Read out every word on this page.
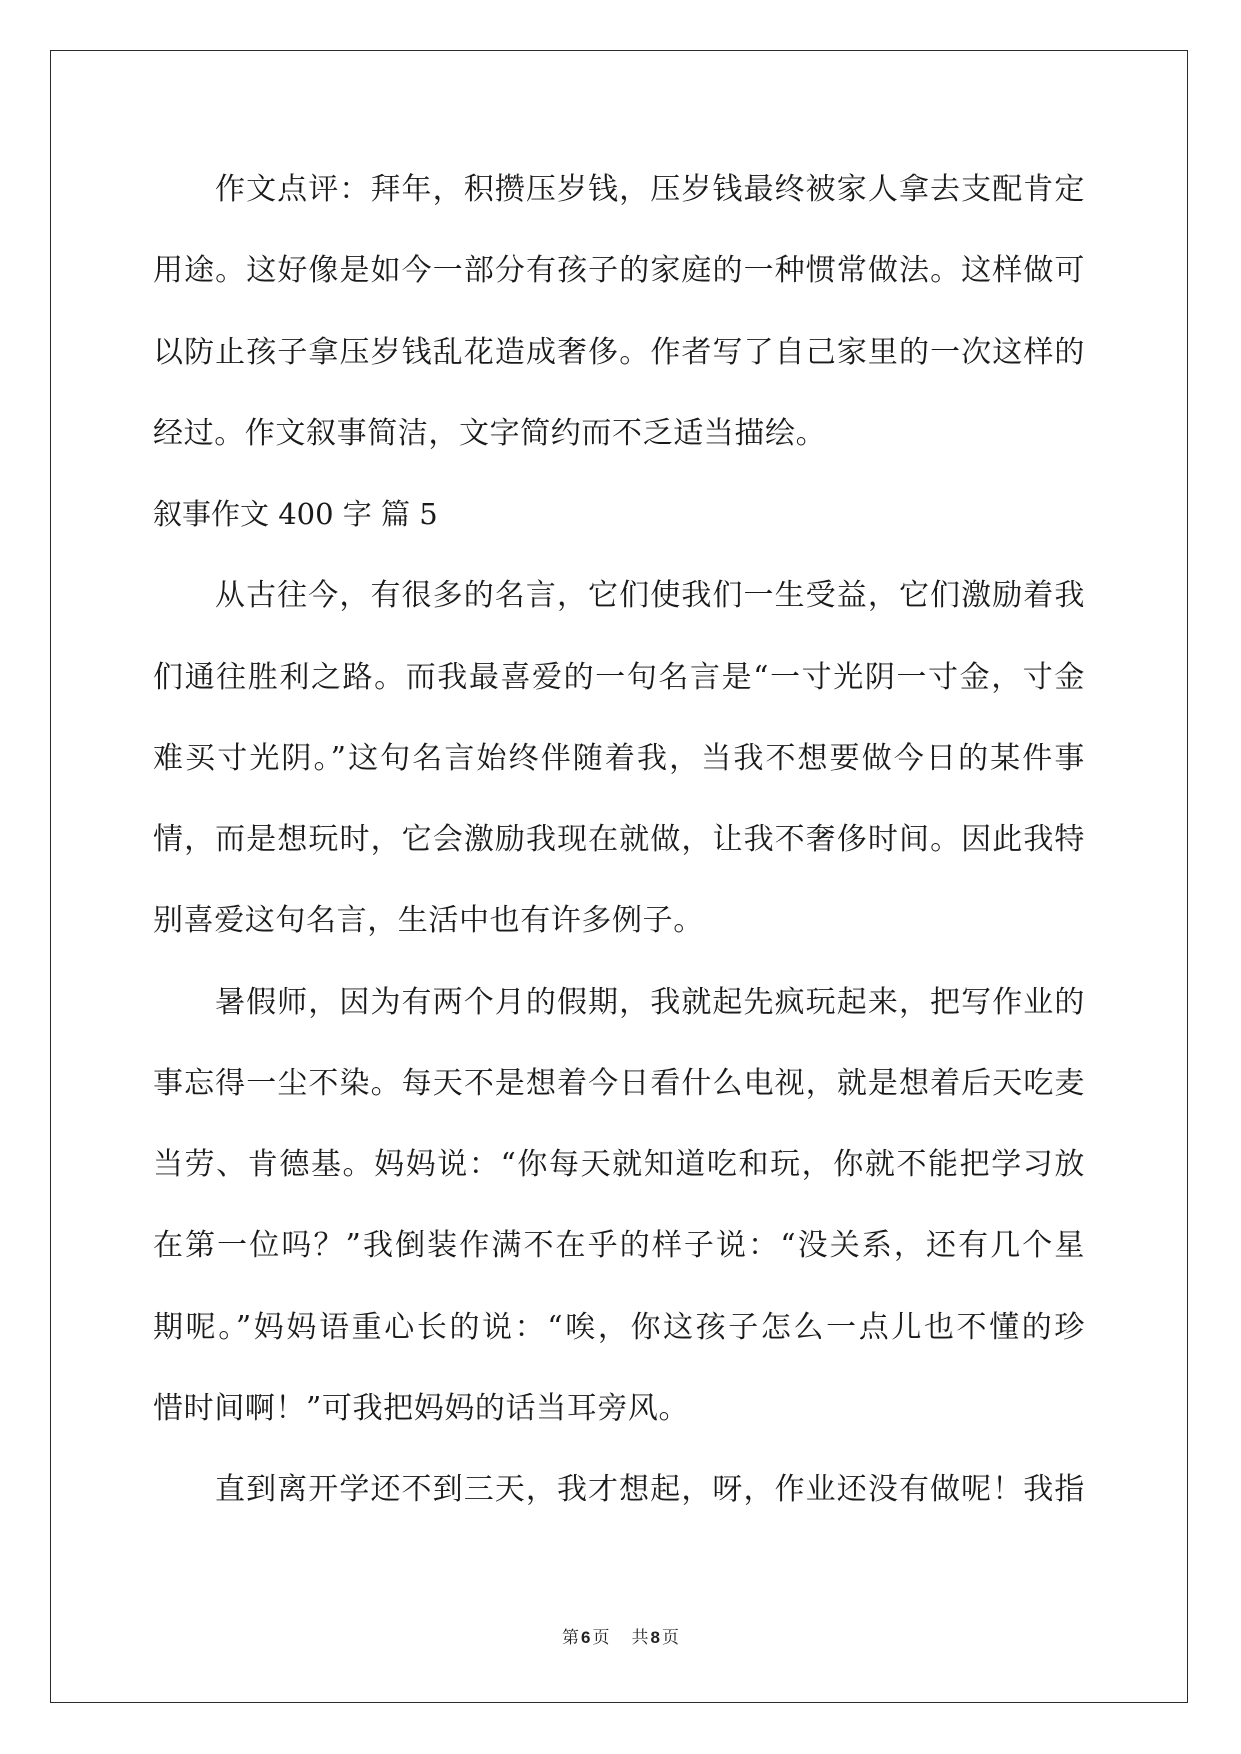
作文点评：拜年，积攒压岁钱，压岁钱最终被家人拿去支配肯定
用途。这好像是如今一部分有孩子的家庭的一种惯常做法。这样做可
以防止孩子拿压岁钱乱花造成奢侈。作者写了自己家里的一次这样的
经过。作文叙事简洁，文字简约而不乏适当描绘。
叙事作文 400 字 篇 5
从古往今，有很多的名言，它们使我们一生受益，它们激励着我
们通往胜利之路。而我最喜爱的一句名言是“一寸光阴一寸金，寸金
难买寸光阴。”这句名言始终伴随着我，当我不想要做今日的某件事
情，而是想玩时，它会激励我现在就做，让我不奢侈时间。因此我特
别喜爱这句名言，生活中也有许多例子。
暑假师，因为有两个月的假期，我就起先疯玩起来，把写作业的
事忘得一尘不染。每天不是想着今日看什么电视，就是想着后天吃麦
当劳、肯德基。妈妈说：“你每天就知道吃和玩，你就不能把学习放
在第一位吗？”我倒装作满不在乎的样子说：“没关系，还有几个星
期呢。”妈妈语重心长的说：“唉，你这孩子怎么一点儿也不懂的珍
惜时间啊！”可我把妈妈的话当耳旁风。
直到离开学还不到三天，我才想起，呀，作业还没有做呢！我指
第 6 页 共 8 页
